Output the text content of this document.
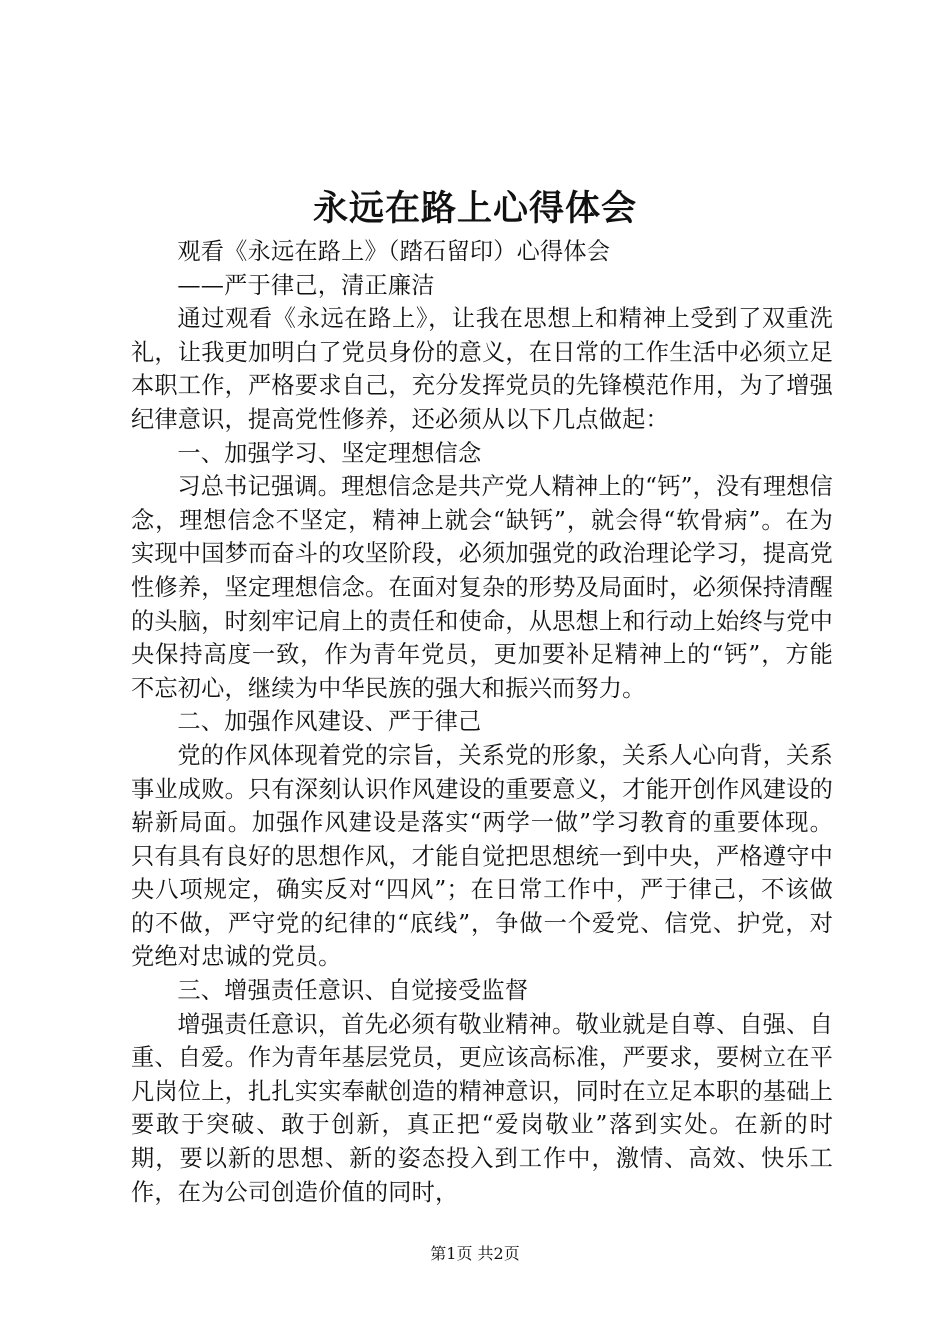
永远在路上心得体会

观看《永远在路上》（踏石留印）心得体会

——严于律己，清正廉洁

通过观看《永远在路上》，让我在思想上和精神上受到了双重洗礼，让我更加明白了党员身份的意义，在日常的工作生活中必须立足本职工作，严格要求自己，充分发挥党员的先锋模范作用，为了增强纪律意识，提高党性修养，还必须从以下几点做起：

一、加强学习、坚定理想信念

习总书记强调。理想信念是共产党人精神上的“钙”，没有理想信念，理想信念不坚定，精神上就会“缺钙”，就会得“软骨病”。在为实现中国梦而奋斗的攻坚阶段，必须加强党的政治理论学习，提高党性修养，坚定理想信念。在面对复杂的形势及局面时，必须保持清醒的头脑，时刻牢记肩上的责任和使命，从思想上和行动上始终与党中央保持高度一致，作为青年党员，更加要补足精神上的“钙”，方能不忘初心，继续为中华民族的强大和振兴而努力。

二、加强作风建设、严于律己

党的作风体现着党的宗旨，关系党的形象，关系人心向背，关系事业成败。只有深刻认识作风建设的重要意义，才能开创作风建设的崭新局面。加强作风建设是落实“两学一做”学习教育的重要体现。只有具有良好的思想作风，才能自觉把思想统一到中央，严格遵守中央八项规定，确实反对“四风”；在日常工作中，严于律己，不该做的不做，严守党的纪律的“底线”，争做一个爱党、信党、护党，对党绝对忠诚的党员。

三、增强责任意识、自觉接受监督

增强责任意识，首先必须有敬业精神。敬业就是自尊、自强、自重、自爱。作为青年基层党员，更应该高标准，严要求，要树立在平凡岗位上，扎扎实实奉献创造的精神意识，同时在立足本职的基础上要敢于突破、敢于创新，真正把“爱岗敬业”落到实处。在新的时期，要以新的思想、新的姿态投入到工作中，激情、高效、快乐工作，在为公司创造价值的同时，

第1页 共2页
